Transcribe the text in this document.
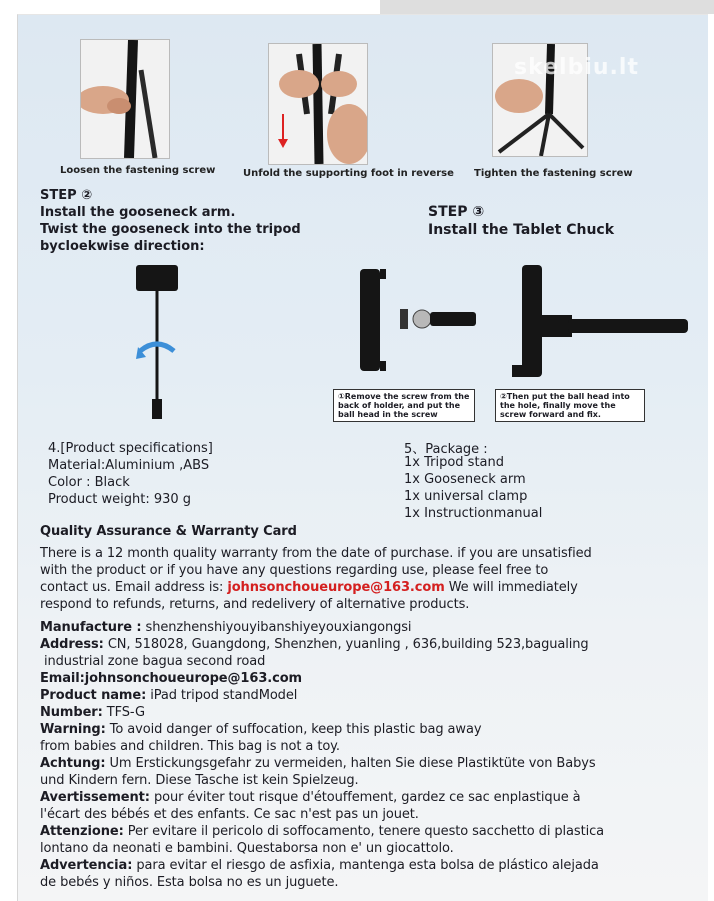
skelbiu.lt
Loosen the fastening screw	Unfold the supporting foot in reverse Tighten the fastening screw
STEP ②
Install the gooseneck arm.
Twist the gooseneck into the tripod
bycloekwise direction:
STEP ③
Install the Tablet Chuck
①Remove the screw from the back of holder, and put the ball head in the screw
②Then put the ball head into the hole, finally move the screw forward and fix.
4.[Product specifications]
Material:Aluminium ,ABS
Color : Black
Product weight: 930 g
5、Package :
1x Tripod stand
1x Gooseneck arm
1x universal clamp
1x Instructionmanual
Quality Assurance & Warranty Card
There is a 12 month quality warranty from the date of purchase. if you are unsatisfied
with the product or if you have any questions regarding use, please feel free to
contact us. Email address is: johnsonchoueurope@163.com We will immediately
respond to refunds, returns, and redelivery of alternative products.
Manufacture : shenzhenshiyouyibanshiyeyouxiangongsi
Address: CN, 518028, Guangdong, Shenzhen, yuanling , 636,building 523,bagualing
industrial zone bagua second road
Email:johnsonchoueurope@163.com
Product name: iPad tripod standModel
Number: TFS-G
Warning: To avoid danger of suffocation, keep this plastic bag away
from babies and children. This bag is not a toy.
Achtung: Um Erstickungsgefahr zu vermeiden, halten Sie diese Plastiktüte von Babys
und Kindern fern. Diese Tasche ist kein Spielzeug.
Avertissement: pour éviter tout risque d'étouffement, gardez ce sac enplastique à
l'écart des bébés et des enfants. Ce sac n'est pas un jouet.
Attenzione: Per evitare il pericolo di soffocamento, tenere questo sacchetto di plastica
lontano da neonati e bambini. Questaborsa non e' un giocattolo.
Advertencia: para evitar el riesgo de asfixia, mantenga esta bolsa de plástico alejada
de bebés y niños. Esta bolsa no es un juguete.
